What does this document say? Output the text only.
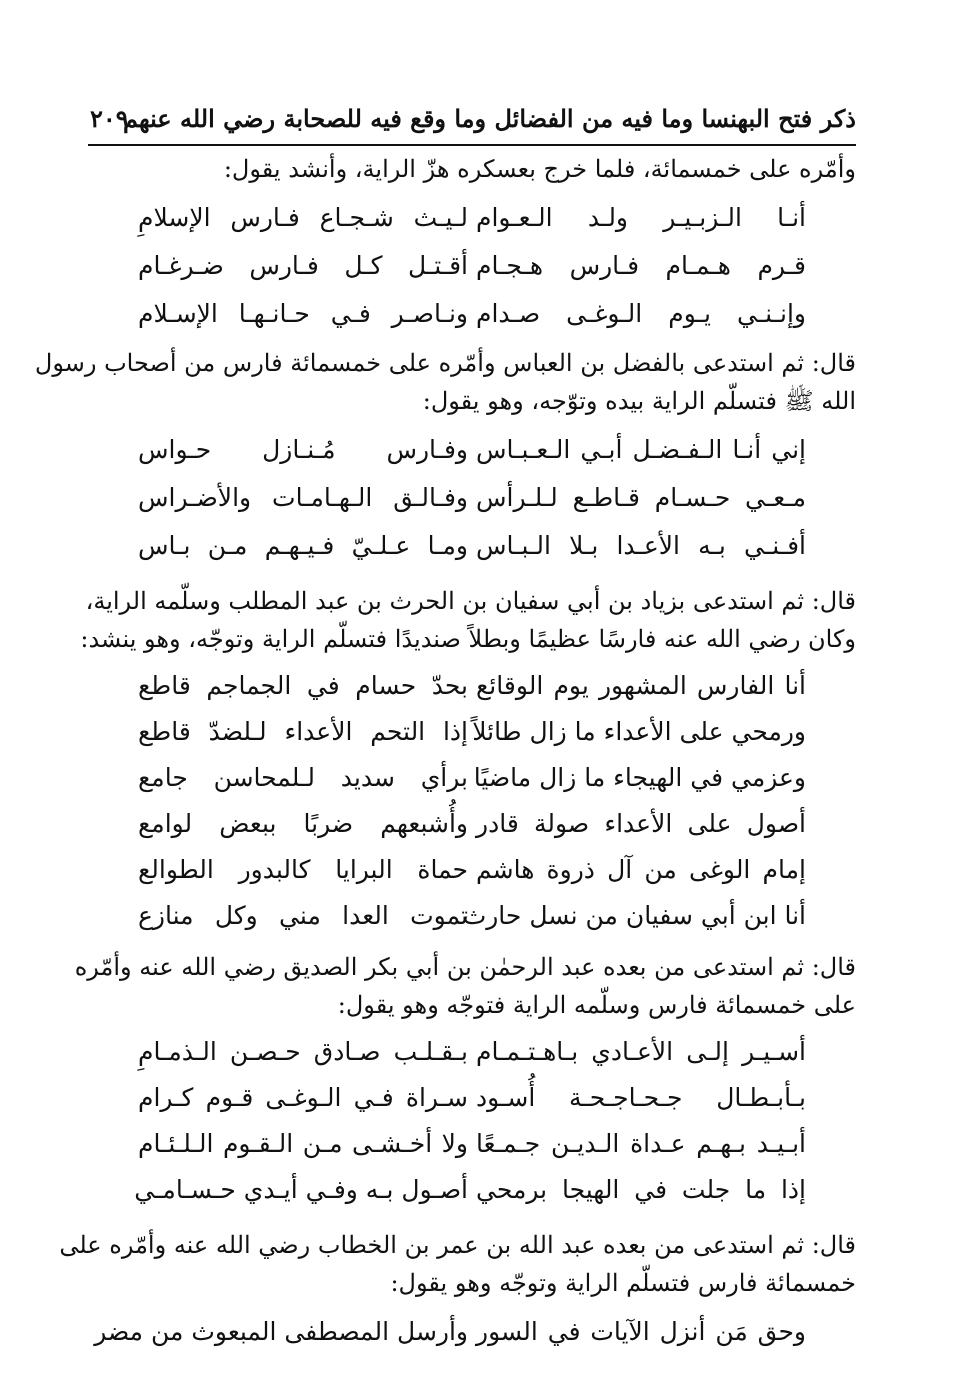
ذكر فتح البهنسا وما فيه من الفضائل وما وقع فيه للصحابة رضي الله عنهم
٢٠٩
وأمّره على خمسمائة، فلما خرج بعسكره هزّ الراية، وأنشد يقول:
أنـا الـزبـيـر ولـد الـعـوام
لـيـث شـجـاع فـارس الإسلامِ
قـرم هـمـام فـارس هـجـام
أقـتـل كـل فـارس ضـرغـام
وإنـنـي يـوم الـوغـى صـدام
ونـاصـر فـي حـانـهـا الإسـلام
قال: ثم استدعى بالفضل بن العباس وأمّره على خمسمائة فارس من أصحاب رسول
الله ﷺ فتسلّم الراية بيده وتوّجه، وهو يقول:
إني أنـا الـفـضـل أبـي الـعـبـاس
وفـارس مُـنـازل حـواس
مـعـي حـسـام قـاطـع لـلـرأس
وفـالـق الـهـامـات والأضـراس
أفـنـي بـه الأعـدا بـلا الـبـاس
ومـا عـلـيّ فـيـهـم مـن بـاس
قال: ثم استدعى بزياد بن أبي سفيان بن الحرث بن عبد المطلب وسلّمه الراية،
وكان رضي الله عنه فارسًا عظيمًا وبطلاً صنديدًا فتسلّم الراية وتوجّه، وهو ينشد:
أنا الفارس المشهور يوم الوقائع
بحدّ حسام في الجماجم قاطع
ورمحي على الأعداء ما زال طائلاً
إذا التحم الأعداء لـلضدّ قاطع
وعزمي في الهيجاء ما زال ماضيًا
برأي سديد لـلمحاسن جامع
أصول على الأعداء صولة قادر
وأُشبعهم ضربًا ببعض لوامع
إمام الوغى من آل ذروة هاشم
حماة البرايا كالبدور الطوالع
أنا ابن أبي سفيان من نسل حارث
تموت العدا مني وكل منازع
قال: ثم استدعى من بعده عبد الرحمٰن بن أبي بكر الصديق رضي الله عنه وأمّره
على خمسمائة فارس وسلّمه الراية فتوجّه وهو يقول:
أسـيـر إلـى الأعـادي بـاهـتـمـام
بـقـلـب صـادق حـصـن الـذمـامِ
بـأبـطـال جـحـاجـحـة أُسـود
سـراة فـي الـوغـى قـوم كـرام
أبـيـد بـهـم عـداة الـديـن جـمـعًا
ولا أخـشـى مـن الـقـوم الـلـئـام
إذا ما جلت في الهيجا برمحي
أصـول بـه وفـي أيـدي حـسـامـي
قال: ثم استدعى من بعده عبد الله بن عمر بن الخطاب رضي الله عنه وأمّره على
خمسمائة فارس فتسلّم الراية وتوجّه وهو يقول:
وحق مَن أنزل الآيات في السور
وأرسل المصطفى المبعوث من مضر
